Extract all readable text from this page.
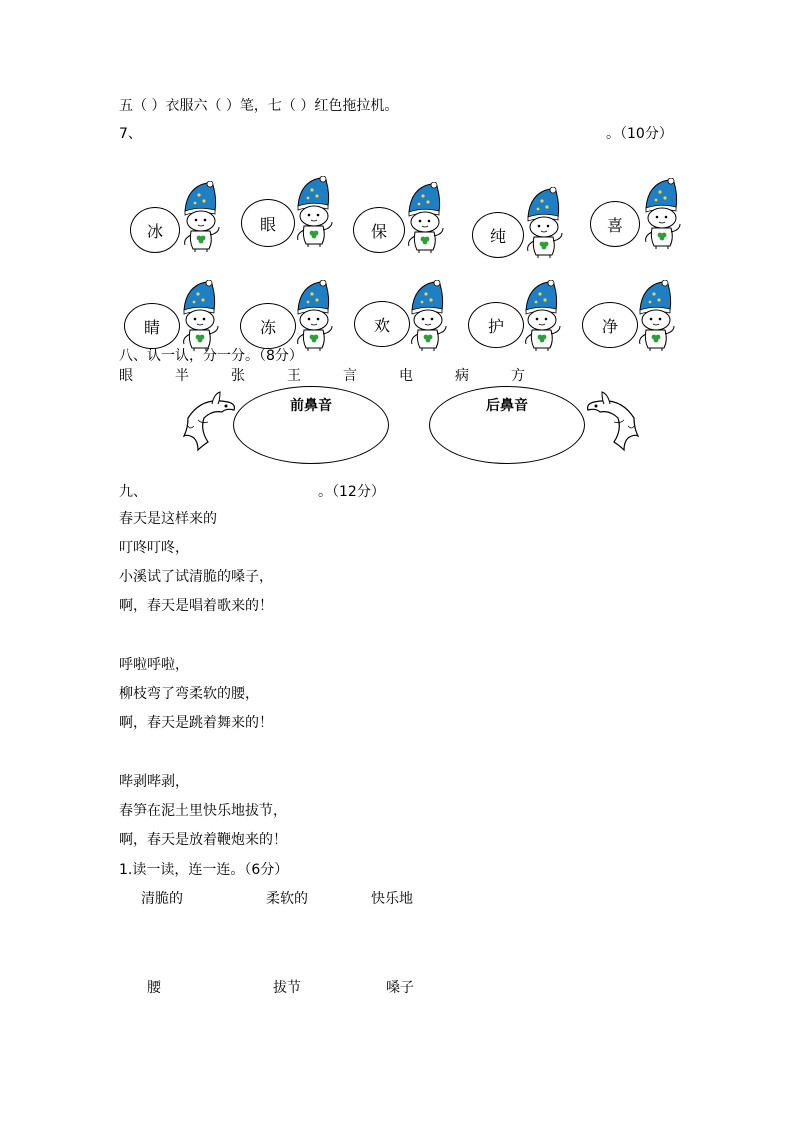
五（ ）衣服六（ ）笔，七（ ）红色拖拉机。
7、	。（10分）
冰	眼	保	纯
喜
睛	冻	欢	护	净
八、认一认，分一分。（8分）
眼	半	张	王	言	电	病	方
前鼻音	后鼻音
九、	。（12分）
春天是这样来的
叮咚叮咚，
小溪试了试清脆的嗓子，
啊，春天是唱着歌来的！
呼啦呼啦，
柳枝弯了弯柔软的腰，
啊，春天是跳着舞来的！
哔剥哔剥，
春笋在泥土里快乐地拔节，
啊，春天是放着鞭炮来的！
1.读一读，连一连。（6分）
清脆的	柔软的	快乐地
腰	拔节	嗓子
